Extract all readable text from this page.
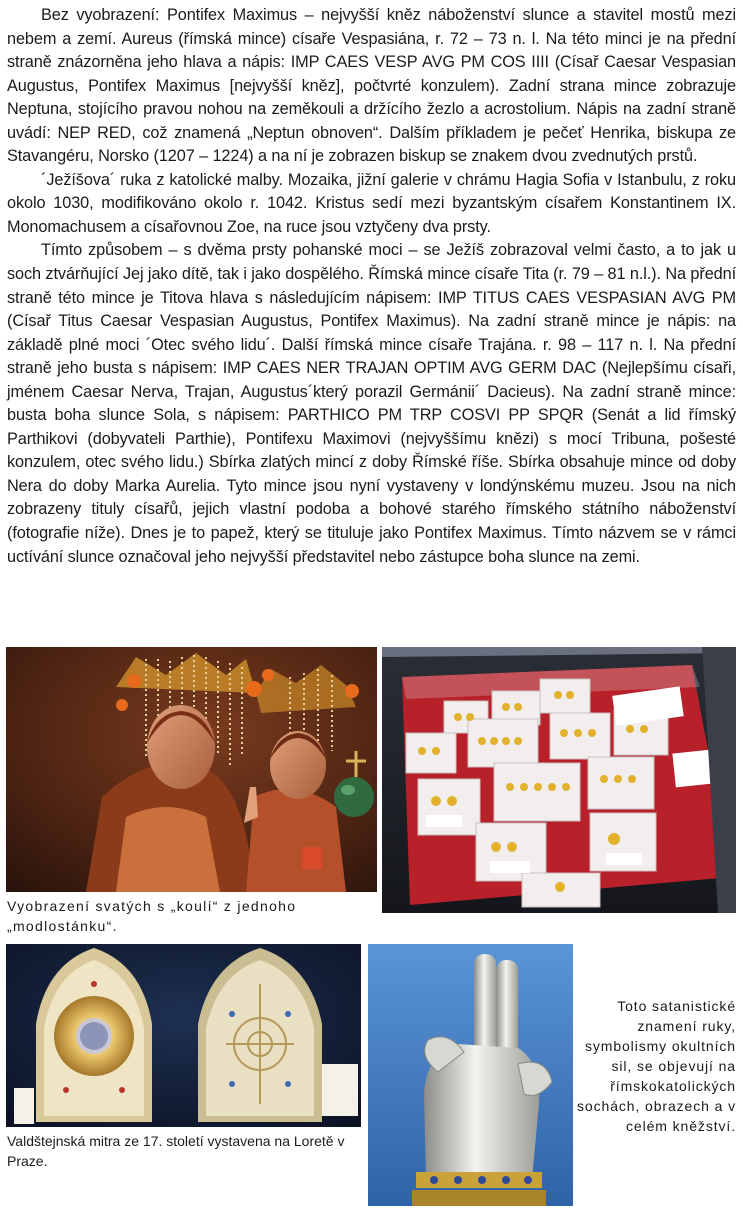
Bez vyobrazení: Pontifex Maximus – nejvyšší kněz náboženství slunce a stavitel mostů mezi nebem a zemí. Aureus (římská mince) císaře Vespasiána, r. 72 – 73 n. l. Na této minci je na přední straně znázorněna jeho hlava a nápis: IMP CAES VESP AVG PM COS IIII (Císař Caesar Vespasian Augustus, Pontifex Maximus [nejvyšší kněz], počtvrté konzulem). Zadní strana mince zobrazuje Neptuna, stojícího pravou nohou na zeměkouli a držícího žezlo a acrostolium. Nápis na zadní straně uvádí: NEP RED, což znamená „Neptun obnoven“. Dalším příkladem je pečeť Henrika, biskupa ze Stavangéru, Norsko (1207 – 1224) a na ní je zobrazen biskup se znakem dvou zvednutých prstů.

´Ježíšova´ ruka z katolické malby. Mozaika, jižní galerie v chrámu Hagia Sofia v Istanbulu, z roku okolo 1030, modifikováno okolo r. 1042. Kristus sedí mezi byzantským císařem Konstantinem IX. Monomachusem a císařovnou Zoe, na ruce jsou vztyčeny dva prsty.

Tímto způsobem – s dvěma prsty pohanské moci – se Ježíš zobrazoval velmi často, a to jak u soch ztvárňující Jej jako dítě, tak i jako dospělého. Římská mince císaře Tita (r. 79 – 81 n.l.). Na přední straně této mince je Titova hlava s následujícím nápisem: IMP TITUS CAES VESPASIAN AVG PM (Císař Titus Caesar Vespasian Augustus, Pontifex Maximus). Na zadní straně mince je nápis: na základě plné moci ´Otec svého lidu´. Další římská mince císaře Trajána. r. 98 – 117 n. l. Na přední straně jeho busta s nápisem: IMP CAES NER TRAJAN OPTIM AVG GERM DAC (Nejlepšímu císaři, jménem Caesar Nerva, Trajan, Augustus´který porazil Germánii´ Dacieus). Na zadní straně mince: busta boha slunce Sola, s nápisem: PARTHICO PM TRP COSVI PP SPQR (Senát a lid římský Parthikovi (dobyvateli Parthie), Pontifexu Maximovi (nejvyššímu knězi) s mocí Tribuna, pošesté konzulem, otec svého lidu.) Sbírka zlatých mincí z doby Římské říše. Sbírka obsahuje mince od doby Nera do doby Marka Aurelia. Tyto mince jsou nyní vystaveny v londýnskému muzeu. Jsou na nich zobrazeny tituly císařů, jejich vlastní podoba a bohové starého římského státního náboženství (fotografie níže). Dnes je to papež, který se tituluje jako Pontifex Maximus. Tímto názvem se v rámci uctívání slunce označoval jeho nejvyšší představitel nebo zástupce boha slunce na zemi.

Vyobrazení svatých s „koulí“ z jednoho „modlostánku“.

Valdštejnská mitra ze 17. století vystavena na Loretě v Praze.

Toto satanistické znamení ruky, symbolismy okultních sil, se objevují na římskokatolických sochách, obrazech a v celém kněžství.
